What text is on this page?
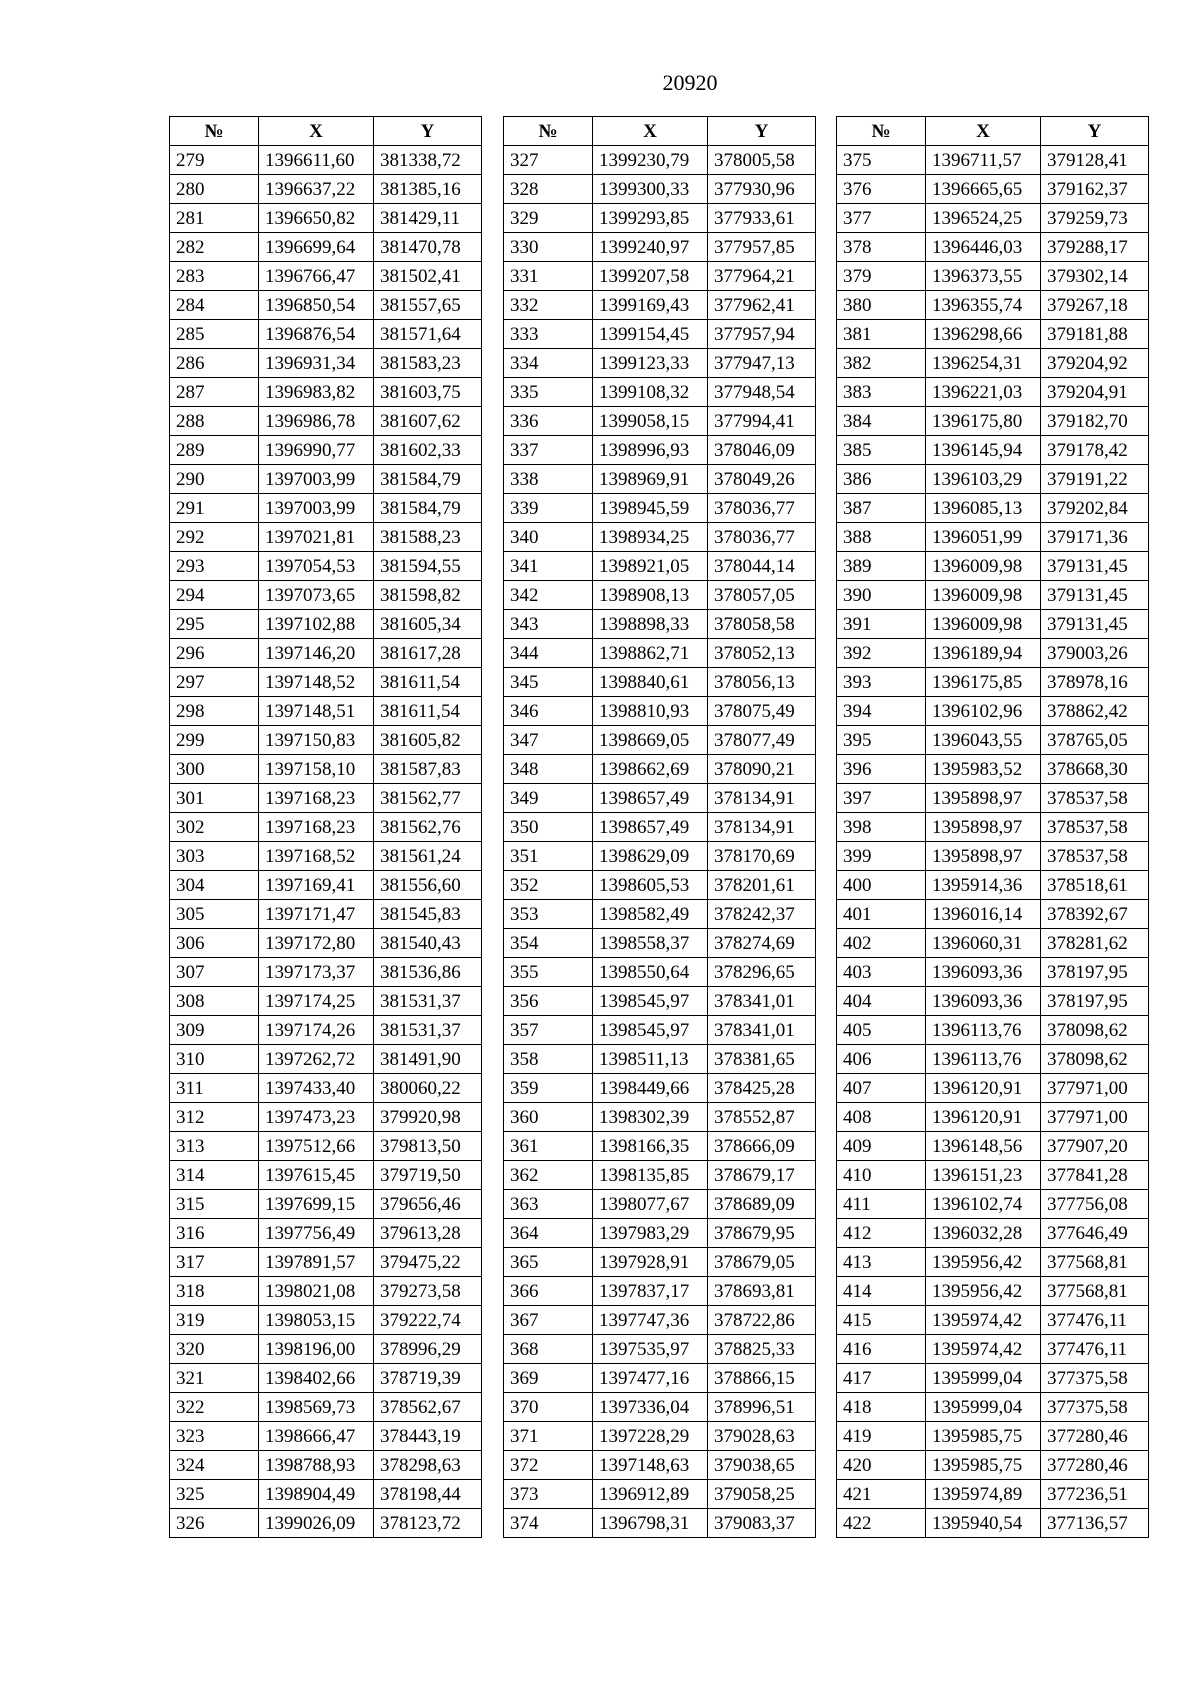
20920
№	X	Y
279	1396611,60	381338,72
280	1396637,22	381385,16
281	1396650,82	381429,11
282	1396699,64	381470,78
283	1396766,47	381502,41
284	1396850,54	381557,65
285	1396876,54	381571,64
286	1396931,34	381583,23
287	1396983,82	381603,75
288	1396986,78	381607,62
289	1396990,77	381602,33
290	1397003,99	381584,79
291	1397003,99	381584,79
292	1397021,81	381588,23
293	1397054,53	381594,55
294	1397073,65	381598,82
295	1397102,88	381605,34
296	1397146,20	381617,28
297	1397148,52	381611,54
298	1397148,51	381611,54
299	1397150,83	381605,82
300	1397158,10	381587,83
301	1397168,23	381562,77
302	1397168,23	381562,76
303	1397168,52	381561,24
304	1397169,41	381556,60
305	1397171,47	381545,83
306	1397172,80	381540,43
307	1397173,37	381536,86
308	1397174,25	381531,37
309	1397174,26	381531,37
310	1397262,72	381491,90
311	1397433,40	380060,22
312	1397473,23	379920,98
313	1397512,66	379813,50
314	1397615,45	379719,50
315	1397699,15	379656,46
316	1397756,49	379613,28
317	1397891,57	379475,22
318	1398021,08	379273,58
319	1398053,15	379222,74
320	1398196,00	378996,29
321	1398402,66	378719,39
322	1398569,73	378562,67
323	1398666,47	378443,19
324	1398788,93	378298,63
325	1398904,49	378198,44
326	1399026,09	378123,72
№	X	Y
327	1399230,79	378005,58
328	1399300,33	377930,96
329	1399293,85	377933,61
330	1399240,97	377957,85
331	1399207,58	377964,21
332	1399169,43	377962,41
333	1399154,45	377957,94
334	1399123,33	377947,13
335	1399108,32	377948,54
336	1399058,15	377994,41
337	1398996,93	378046,09
338	1398969,91	378049,26
339	1398945,59	378036,77
340	1398934,25	378036,77
341	1398921,05	378044,14
342	1398908,13	378057,05
343	1398898,33	378058,58
344	1398862,71	378052,13
345	1398840,61	378056,13
346	1398810,93	378075,49
347	1398669,05	378077,49
348	1398662,69	378090,21
349	1398657,49	378134,91
350	1398657,49	378134,91
351	1398629,09	378170,69
352	1398605,53	378201,61
353	1398582,49	378242,37
354	1398558,37	378274,69
355	1398550,64	378296,65
356	1398545,97	378341,01
357	1398545,97	378341,01
358	1398511,13	378381,65
359	1398449,66	378425,28
360	1398302,39	378552,87
361	1398166,35	378666,09
362	1398135,85	378679,17
363	1398077,67	378689,09
364	1397983,29	378679,95
365	1397928,91	378679,05
366	1397837,17	378693,81
367	1397747,36	378722,86
368	1397535,97	378825,33
369	1397477,16	378866,15
370	1397336,04	378996,51
371	1397228,29	379028,63
372	1397148,63	379038,65
373	1396912,89	379058,25
374	1396798,31	379083,37
№	X	Y
375	1396711,57	379128,41
376	1396665,65	379162,37
377	1396524,25	379259,73
378	1396446,03	379288,17
379	1396373,55	379302,14
380	1396355,74	379267,18
381	1396298,66	379181,88
382	1396254,31	379204,92
383	1396221,03	379204,91
384	1396175,80	379182,70
385	1396145,94	379178,42
386	1396103,29	379191,22
387	1396085,13	379202,84
388	1396051,99	379171,36
389	1396009,98	379131,45
390	1396009,98	379131,45
391	1396009,98	379131,45
392	1396189,94	379003,26
393	1396175,85	378978,16
394	1396102,96	378862,42
395	1396043,55	378765,05
396	1395983,52	378668,30
397	1395898,97	378537,58
398	1395898,97	378537,58
399	1395898,97	378537,58
400	1395914,36	378518,61
401	1396016,14	378392,67
402	1396060,31	378281,62
403	1396093,36	378197,95
404	1396093,36	378197,95
405	1396113,76	378098,62
406	1396113,76	378098,62
407	1396120,91	377971,00
408	1396120,91	377971,00
409	1396148,56	377907,20
410	1396151,23	377841,28
411	1396102,74	377756,08
412	1396032,28	377646,49
413	1395956,42	377568,81
414	1395956,42	377568,81
415	1395974,42	377476,11
416	1395974,42	377476,11
417	1395999,04	377375,58
418	1395999,04	377375,58
419	1395985,75	377280,46
420	1395985,75	377280,46
421	1395974,89	377236,51
422	1395940,54	377136,57
